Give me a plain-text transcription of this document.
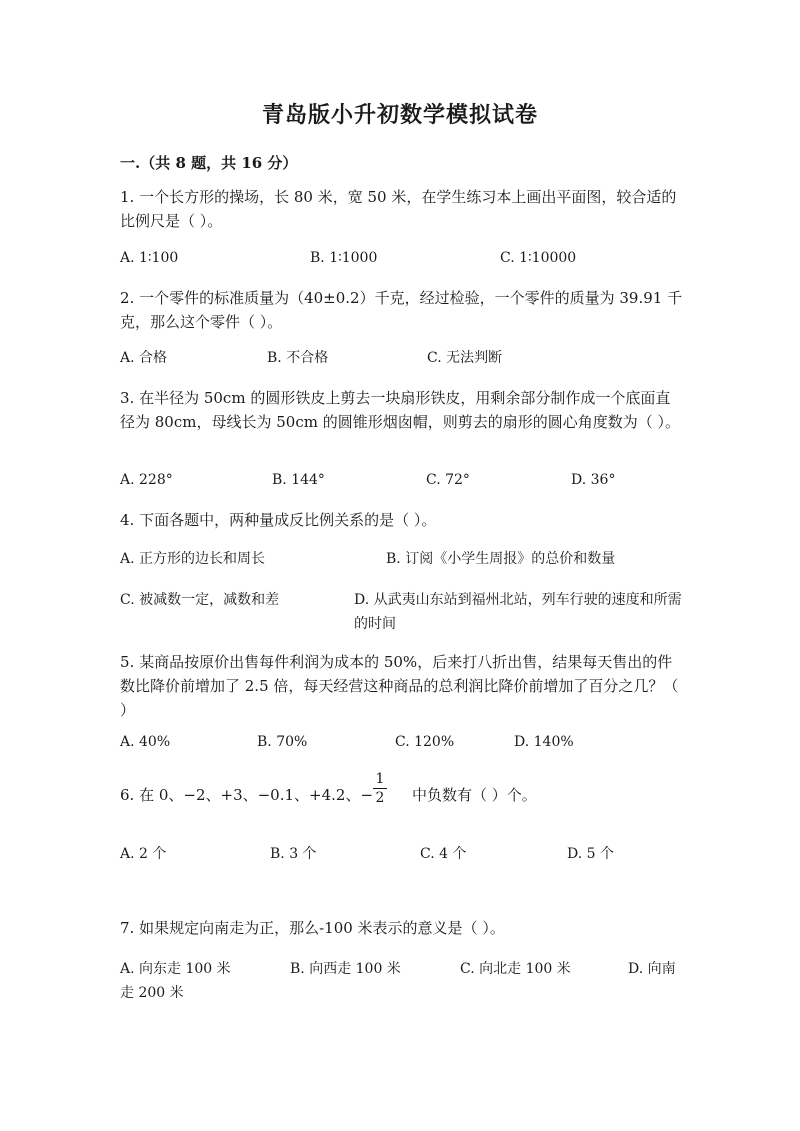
青岛版小升初数学模拟试卷
一.（共 8 题，共 16 分）
1. 一个长方形的操场，长 80 米，宽 50 米，在学生练习本上画出平面图，较合适的比例尺是（ ）。
A. 1∶100	B. 1∶1000	C. 1∶10000
2. 一个零件的标准质量为（40±0.2）千克，经过检验，一个零件的质量为 39.91 千克，那么这个零件（ ）。
A. 合格	B. 不合格	C. 无法判断
3. 在半径为 50cm 的圆形铁皮上剪去一块扇形铁皮，用剩余部分制作成一个底面直径为 80cm，母线长为 50cm 的圆锥形烟囱帽，则剪去的扇形的圆心角度数为（ ）。
A. 228°	B. 144°	C. 72°	D. 36°
4. 下面各题中，两种量成反比例关系的是（ ）。
A. 正方形的边长和周长	B. 订阅《小学生周报》的总价和数量
C. 被减数一定，减数和差	D. 从武夷山东站到福州北站，列车行驶的速度和所需的时间
5. 某商品按原价出售每件利润为成本的 50%，后来打八折出售，结果每天售出的件数比降价前增加了 2.5 倍，每天经营这种商品的总利润比降价前增加了百分之几？（ ）
A. 40%	B. 70%	C. 120%	D. 140%
6. 在 0、−2、+3、−0.1、+4.2、−
1
2 中负数有（ ）个。
A. 2 个	B. 3 个	C. 4 个	D. 5 个
7. 如果规定向南走为正，那么-100 米表示的意义是（ ）。
A. 向东走 100 米	B. 向西走 100 米	C. 向北走 100 米	D. 向南
走 200 米
